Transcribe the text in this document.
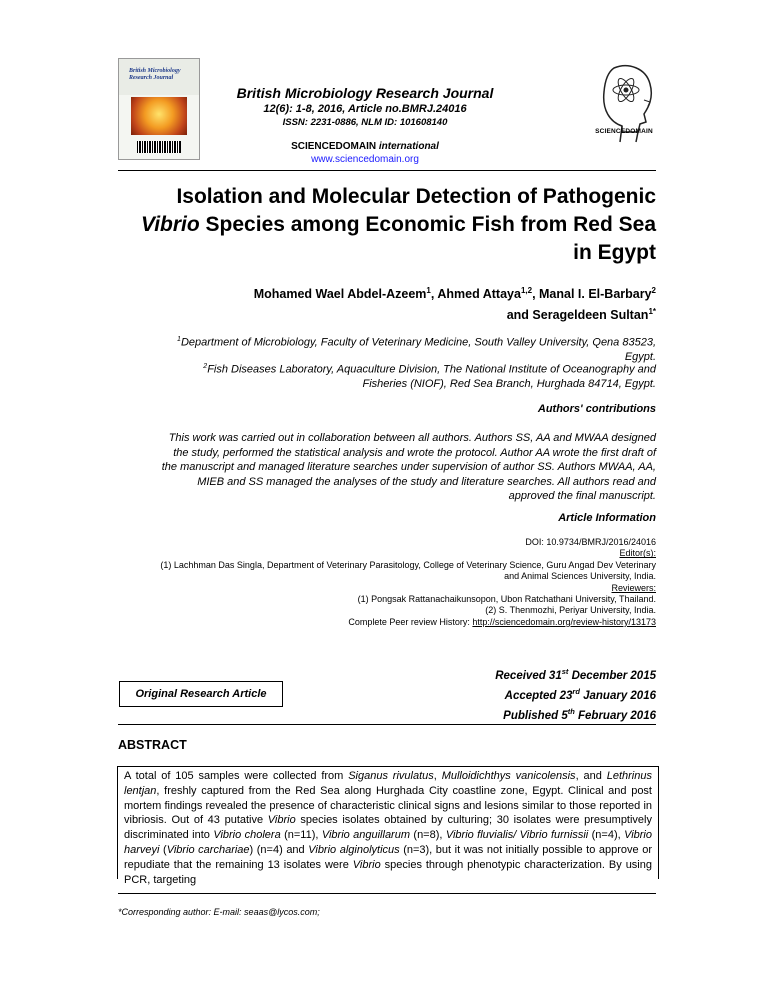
British Microbiology
Research Journal
British Microbiology Research Journal
12(6): 1-8, 2016, Article no.BMRJ.24016
ISSN: 2231-0886, NLM ID: 101608140
SCIENCEDOMAIN international
www.sciencedomain.org
SCIENCEDOMAIN
Isolation and Molecular Detection of Pathogenic
Vibrio Species among Economic Fish from Red Sea
in Egypt
Mohamed Wael Abdel-Azeem$^1$, Ahmed Attaya$^{1,2}$, Manal I. El-Barbary$^2$
and Serageldeen Sultan$^{1*}$
$^1$Department of Microbiology, Faculty of Veterinary Medicine, South Valley University, Qena 83523,
Egypt.
$^2$Fish Diseases Laboratory, Aquaculture Division, The National Institute of Oceanography and
Fisheries (NIOF), Red Sea Branch, Hurghada 84714, Egypt.
Authors' contributions
This work was carried out in collaboration between all authors. Authors SS, AA and MWAA designed
the study, performed the statistical analysis and wrote the protocol. Author AA wrote the first draft of
the manuscript and managed literature searches under supervision of author SS. Authors MWAA, AA,
MIEB and SS managed the analyses of the study and literature searches. All authors read and
approved the final manuscript.
Article Information
DOI: 10.9734/BMRJ/2016/24016
Editor(s):
(1) Lachhman Das Singla, Department of Veterinary Parasitology, College of Veterinary Science, Guru Angad Dev Veterinary
and Animal Sciences University, India.
Reviewers:
(1) Pongsak Rattanachaikunsopon, Ubon Ratchathani University, Thailand.
(2) S. Thenmozhi, Periyar University, India.
Complete Peer review History: http://sciencedomain.org/review-history/13173
Received 31st December 2015
Accepted 23rd January 2016
Published 5th February 2016
Original Research Article
ABSTRACT
A total of 105 samples were collected from Siganus rivulatus, Mulloidichthys vanicolensis, and Lethrinus lentjan, freshly captured from the Red Sea along Hurghada City coastline zone, Egypt. Clinical and post mortem findings revealed the presence of characteristic clinical signs and lesions similar to those reported in vibriosis. Out of 43 putative Vibrio species isolates obtained by culturing; 30 isolates were presumptively discriminated into Vibrio cholera (n=11), Vibrio anguillarum (n=8), Vibrio fluvialis/ Vibrio furnissii (n=4), Vibrio harveyi (Vibrio carchariae) (n=4) and Vibrio alginolyticus (n=3), but it was not initially possible to approve or repudiate that the remaining 13 isolates were Vibrio species through phenotypic characterization. By using PCR, targeting
*Corresponding author: E-mail: seaas@lycos.com;
